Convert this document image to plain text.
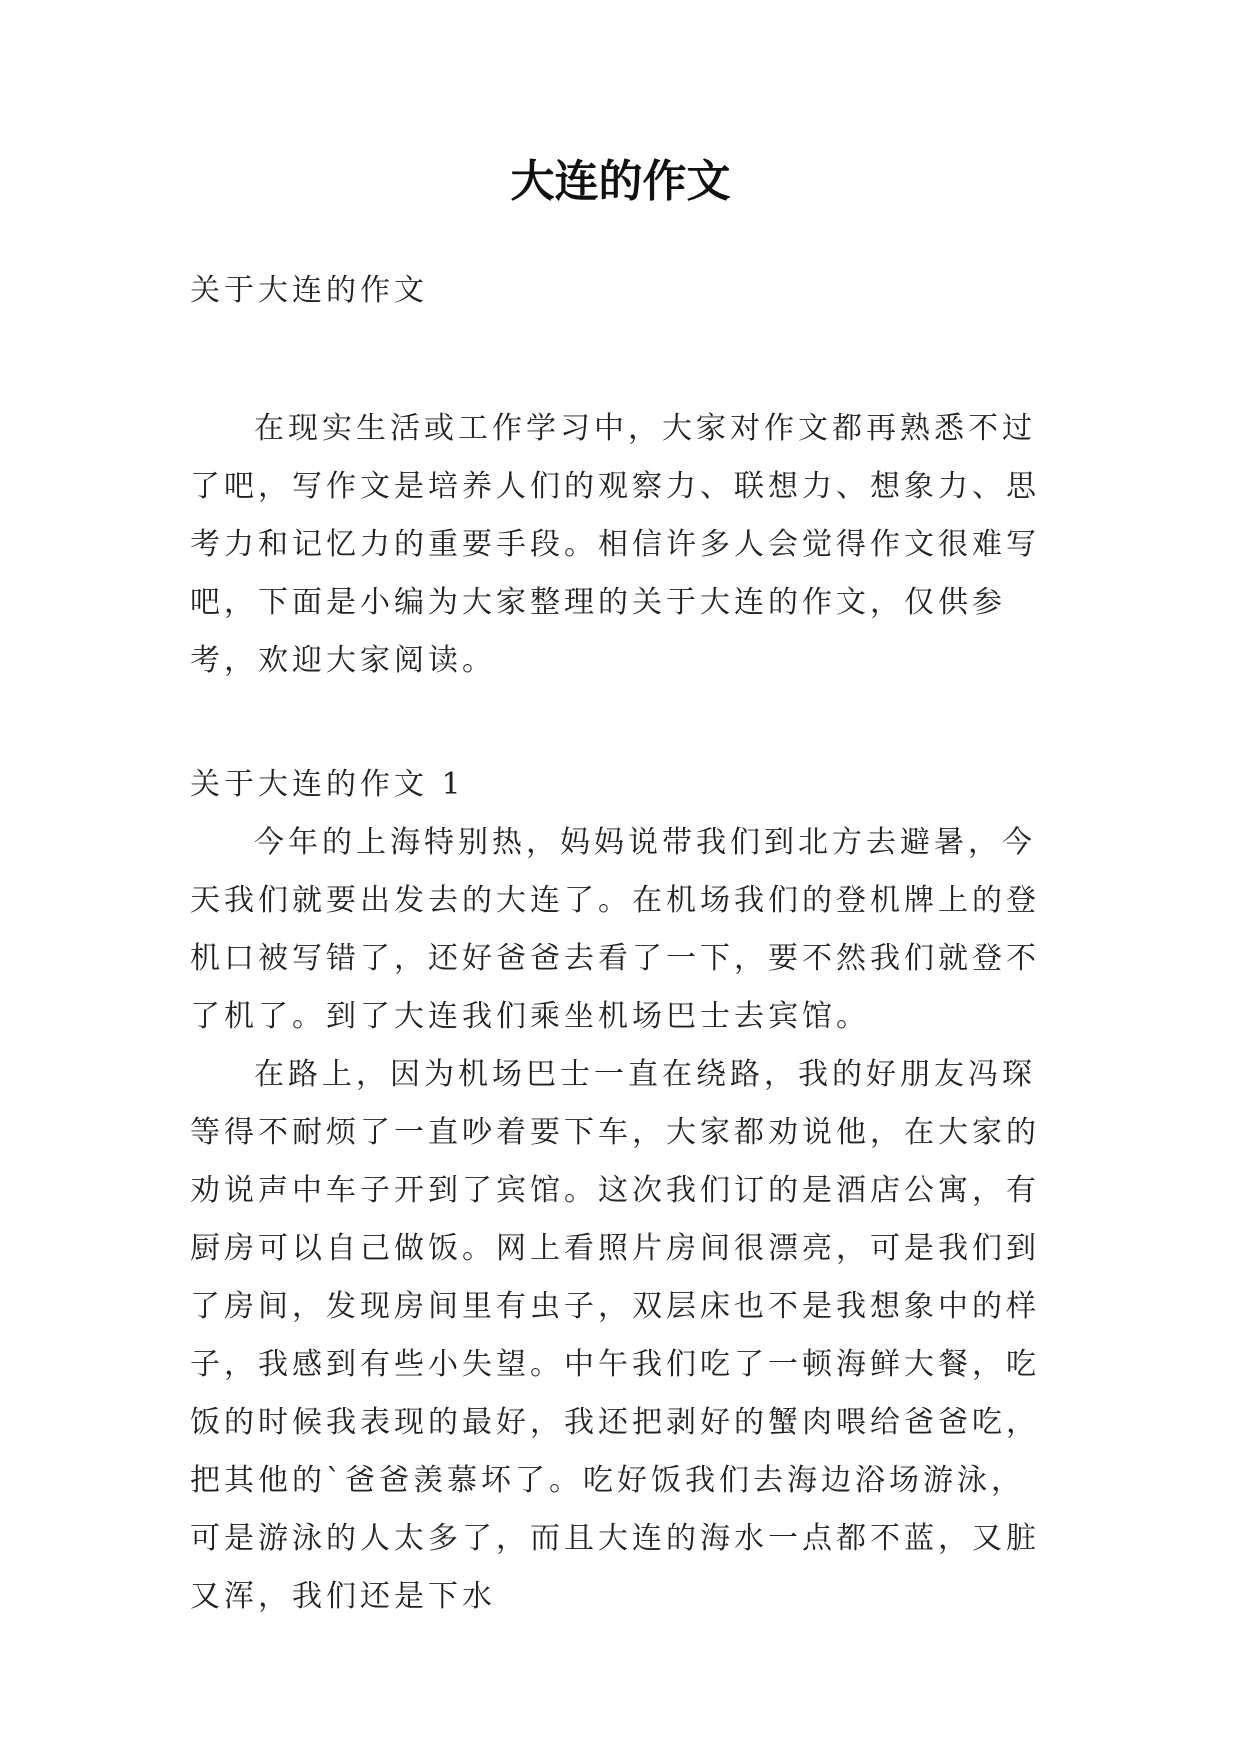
大连的作文
关于大连的作文

在现实生活或工作学习中，大家对作文都再熟悉不过了吧，写作文是培养人们的观察力、联想力、想象力、思考力和记忆力的重要手段。相信许多人会觉得作文很难写吧，下面是小编为大家整理的关于大连的作文，仅供参考，欢迎大家阅读。

关于大连的作文 1

今年的上海特别热，妈妈说带我们到北方去避暑，今天我们就要出发去的大连了。在机场我们的登机牌上的登机口被写错了，还好爸爸去看了一下，要不然我们就登不了机了。到了大连我们乘坐机场巴士去宾馆。

在路上，因为机场巴士一直在绕路，我的好朋友冯琛等得不耐烦了一直吵着要下车，大家都劝说他，在大家的劝说声中车子开到了宾馆。这次我们订的是酒店公寓，有厨房可以自己做饭。网上看照片房间很漂亮，可是我们到了房间，发现房间里有虫子，双层床也不是我想象中的样子，我感到有些小失望。中午我们吃了一顿海鲜大餐，吃饭的时候我表现的最好，我还把剥好的蟹肉喂给爸爸吃，把其他的`爸爸羡慕坏了。吃好饭我们去海边浴场游泳，可是游泳的人太多了，而且大连的海水一点都不蓝，又脏又浑，我们还是下水
